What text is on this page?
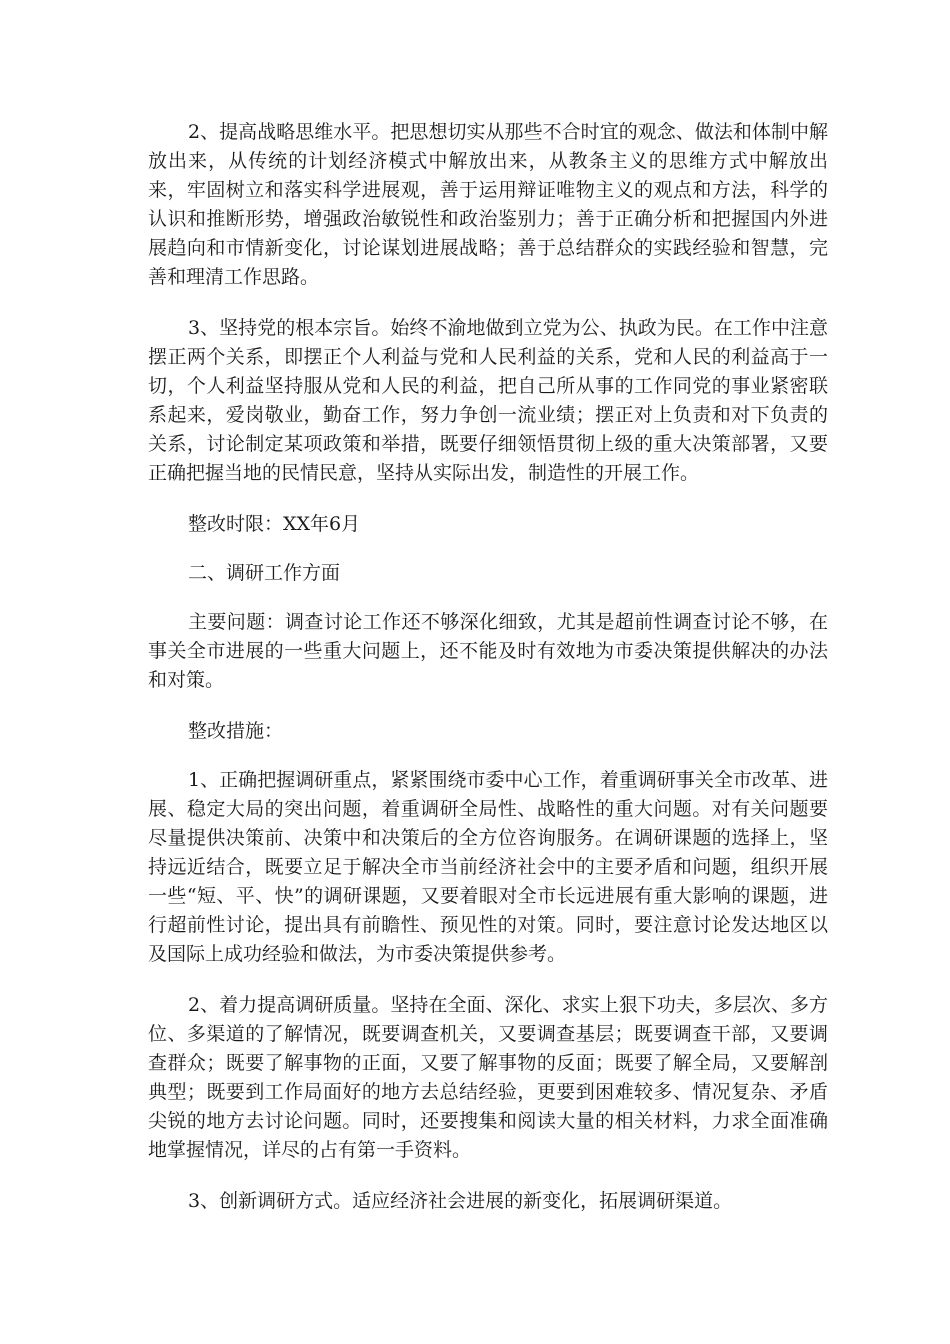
2、提高战略思维水平。把思想切实从那些不合时宜的观念、做法和体制中解放出来，从传统的计划经济模式中解放出来，从教条主义的思维方式中解放出来，牢固树立和落实科学进展观，善于运用辩证唯物主义的观点和方法，科学的认识和推断形势，增强政治敏锐性和政治鉴别力；善于正确分析和把握国内外进展趋向和市情新变化，讨论谋划进展战略；善于总结群众的实践经验和智慧，完善和理清工作思路。

3、坚持党的根本宗旨。始终不渝地做到立党为公、执政为民。在工作中注意摆正两个关系，即摆正个人利益与党和人民利益的关系，党和人民的利益高于一切，个人利益坚持服从党和人民的利益，把自己所从事的工作同党的事业紧密联系起来，爱岗敬业，勤奋工作，努力争创一流业绩；摆正对上负责和对下负责的关系，讨论制定某项政策和举措，既要仔细领悟贯彻上级的重大决策部署，又要正确把握当地的民情民意，坚持从实际出发，制造性的开展工作。

整改时限：XX年6月

二、调研工作方面

主要问题：调查讨论工作还不够深化细致，尤其是超前性调查讨论不够，在事关全市进展的一些重大问题上，还不能及时有效地为市委决策提供解决的办法和对策。

整改措施：

1、正确把握调研重点，紧紧围绕市委中心工作，着重调研事关全市改革、进展、稳定大局的突出问题，着重调研全局性、战略性的重大问题。对有关问题要尽量提供决策前、决策中和决策后的全方位咨询服务。在调研课题的选择上，坚持远近结合，既要立足于解决全市当前经济社会中的主要矛盾和问题，组织开展一些“短、平、快”的调研课题，又要着眼对全市长远进展有重大影响的课题，进行超前性讨论，提出具有前瞻性、预见性的对策。同时，要注意讨论发达地区以及国际上成功经验和做法，为市委决策提供参考。

2、着力提高调研质量。坚持在全面、深化、求实上狠下功夫，多层次、多方位、多渠道的了解情况，既要调查机关，又要调查基层；既要调查干部，又要调查群众；既要了解事物的正面，又要了解事物的反面；既要了解全局，又要解剖典型；既要到工作局面好的地方去总结经验，更要到困难较多、情况复杂、矛盾尖锐的地方去讨论问题。同时，还要搜集和阅读大量的相关材料，力求全面准确地掌握情况，详尽的占有第一手资料。

3、创新调研方式。适应经济社会进展的新变化，拓展调研渠道。
